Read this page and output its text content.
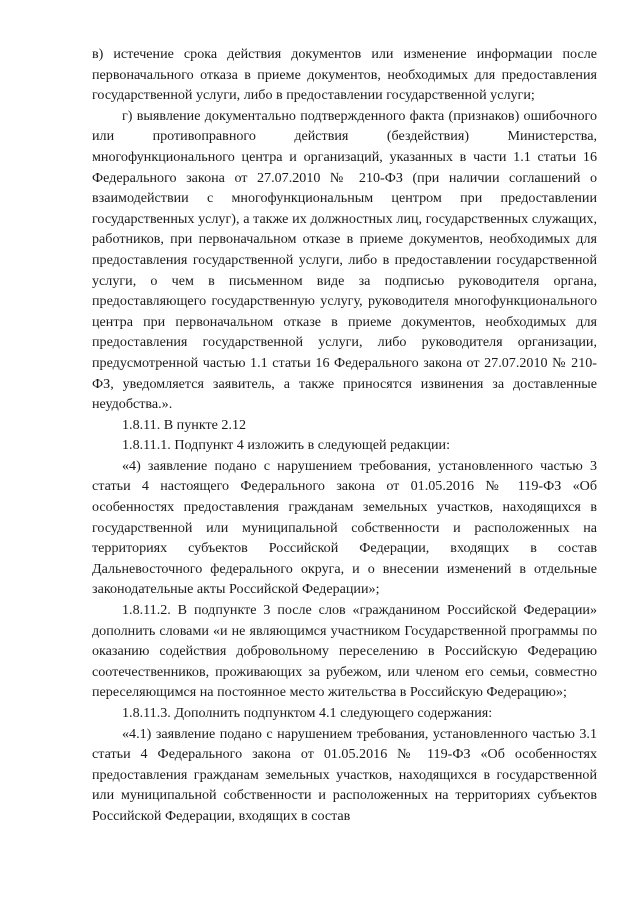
в) истечение срока действия документов или изменение информации после первоначального отказа в приеме документов, необходимых для предоставления государственной услуги, либо в предоставлении государственной услуги;

г) выявление документально подтвержденного факта (признаков) ошибочного или противоправного действия (бездействия) Министерства, многофункционального центра и организаций, указанных в части 1.1 статьи 16 Федерального закона от 27.07.2010 № 210-ФЗ (при наличии соглашений о взаимодействии с многофункциональным центром при предоставлении государственных услуг), а также их должностных лиц, государственных служащих, работников, при первоначальном отказе в приеме документов, необходимых для предоставления государственной услуги, либо в предоставлении государственной услуги, о чем в письменном виде за подписью руководителя органа, предоставляющего государственную услугу, руководителя многофункционального центра при первоначальном отказе в приеме документов, необходимых для предоставления государственной услуги, либо руководителя организации, предусмотренной частью 1.1 статьи 16 Федерального закона от 27.07.2010 № 210-ФЗ, уведомляется заявитель, а также приносятся извинения за доставленные неудобства.».

1.8.11. В пункте 2.12

1.8.11.1. Подпункт 4 изложить в следующей редакции:

«4) заявление подано с нарушением требования, установленного частью 3 статьи 4 настоящего Федерального закона от 01.05.2016 № 119-ФЗ «Об особенностях предоставления гражданам земельных участков, находящихся в государственной или муниципальной собственности и расположенных на территориях субъектов Российской Федерации, входящих в состав Дальневосточного федерального округа, и о внесении изменений в отдельные законодательные акты Российской Федерации»;

1.8.11.2. В подпункте 3 после слов «гражданином Российской Федерации» дополнить словами «и не являющимся участником Государственной программы по оказанию содействия добровольному переселению в Российскую Федерацию соотечественников, проживающих за рубежом, или членом его семьи, совместно переселяющимся на постоянное место жительства в Российскую Федерацию»;

1.8.11.3. Дополнить подпунктом 4.1 следующего содержания:

«4.1) заявление подано с нарушением требования, установленного частью 3.1 статьи 4 Федерального закона от 01.05.2016 № 119-ФЗ «Об особенностях предоставления гражданам земельных участков, находящихся в государственной или муниципальной собственности и расположенных на территориях субъектов Российской Федерации, входящих в состав
